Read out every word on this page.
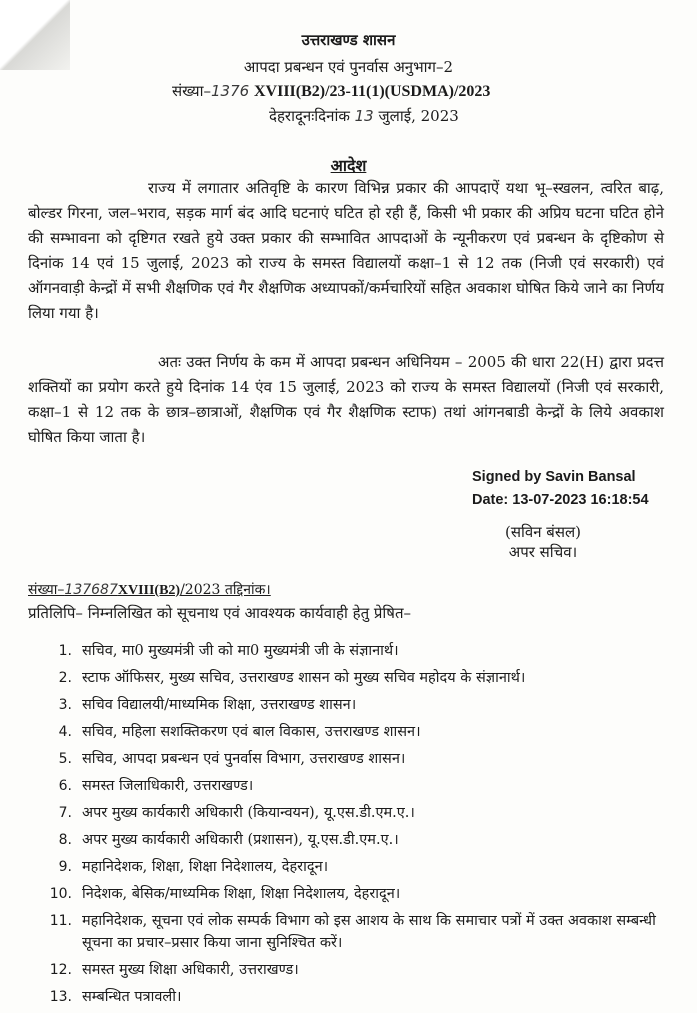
उत्तराखण्ड शासन
आपदा प्रबन्धन एवं पुनर्वास अनुभाग–2
संख्या–1376 XVIII(B2)/23-11(1)(USDMA)/2023
देहरादूनःदिनांक 13 जुलाई, 2023
आदेश

राज्य में लगातार अतिवृष्टि के कारण विभिन्न प्रकार की आपदाऐं यथा भू–स्खलन, त्वरित बाढ़, बोल्डर गिरना, जल–भराव, सड़क मार्ग बंद आदि घटनाएं घटित हो रही हैं, किसी भी प्रकार की अप्रिय घटना घटित होने की सम्भावना को दृष्टिगत रखते हुये उक्त प्रकार की सम्भावित आपदाओं के न्यूनीकरण एवं प्रबन्धन के दृष्टिकोण से दिनांक 14 एवं 15 जुलाई, 2023 को राज्य के समस्त विद्यालयों कक्षा–1 से 12 तक (निजी एवं सरकारी) एवं ऑगनवाड़ी केन्द्रों में सभी शैक्षणिक एवं गैर शैक्षणिक अध्यापकों/कर्मचारियों सहित अवकाश घोषित किये जाने का निर्णय लिया गया है।

अतः उक्त निर्णय के कम में आपदा प्रबन्धन अधिनियम – 2005 की धारा 22(H) द्वारा प्रदत्त शक्तियों का प्रयोग करते हुये दिनांक 14 एंव 15 जुलाई, 2023 को राज्य के समस्त विद्यालयों (निजी एवं सरकारी, कक्षा–1 से 12 तक के छात्र–छात्राओं, शैक्षणिक एवं गैर शैक्षणिक स्टाफ) तथां आंगनबाडी केन्द्रों के लिये अवकाश घोषित किया जाता है।

Signed by Savin Bansal
Date: 13-07-2023 16:18:54
(सविन बंसल)
अपर सचिव।
संख्या–137687XVIII(B2)/2023 तद्दिनांक।
प्रतिलिपि– निम्नलिखित को सूचनाथ एवं आवश्यक कार्यवाही हेतु प्रेषित–
1. सचिव, मा0 मुख्यमंत्री जी को मा0 मुख्यमंत्री जी के संज्ञानार्थ।
2. स्टाफ ऑफिसर, मुख्य सचिव, उत्तराखण्ड शासन को मुख्य सचिव महोदय के संज्ञानार्थ।
3. सचिव विद्यालयी/माध्यमिक शिक्षा, उत्तराखण्ड शासन।
4. सचिव, महिला सशक्तिकरण एवं बाल विकास, उत्तराखण्ड शासन।
5. सचिव, आपदा प्रबन्धन एवं पुनर्वास विभाग, उत्तराखण्ड शासन।
6. समस्त जिलाधिकारी, उत्तराखण्ड।
7. अपर मुख्य कार्यकारी अधिकारी (कियान्वयन), यू.एस.डी.एम.ए.।
8. अपर मुख्य कार्यकारी अधिकारी (प्रशासन), यू.एस.डी.एम.ए.।
9. महानिदेशक, शिक्षा, शिक्षा निदेशालय, देहरादून।
10. निदेशक, बेसिक/माध्यमिक शिक्षा, शिक्षा निदेशालय, देहरादून।
11. महानिदेशक, सूचना एवं लोक सम्पर्क विभाग को इस आशय के साथ कि समाचार पत्रों में उक्त अवकाश सम्बन्धी सूचना का प्रचार–प्रसार किया जाना सुनिश्चित करें।
12. समस्त मुख्य शिक्षा अधिकारी, उत्तराखण्ड।
13. सम्बन्धित पत्रावली।
